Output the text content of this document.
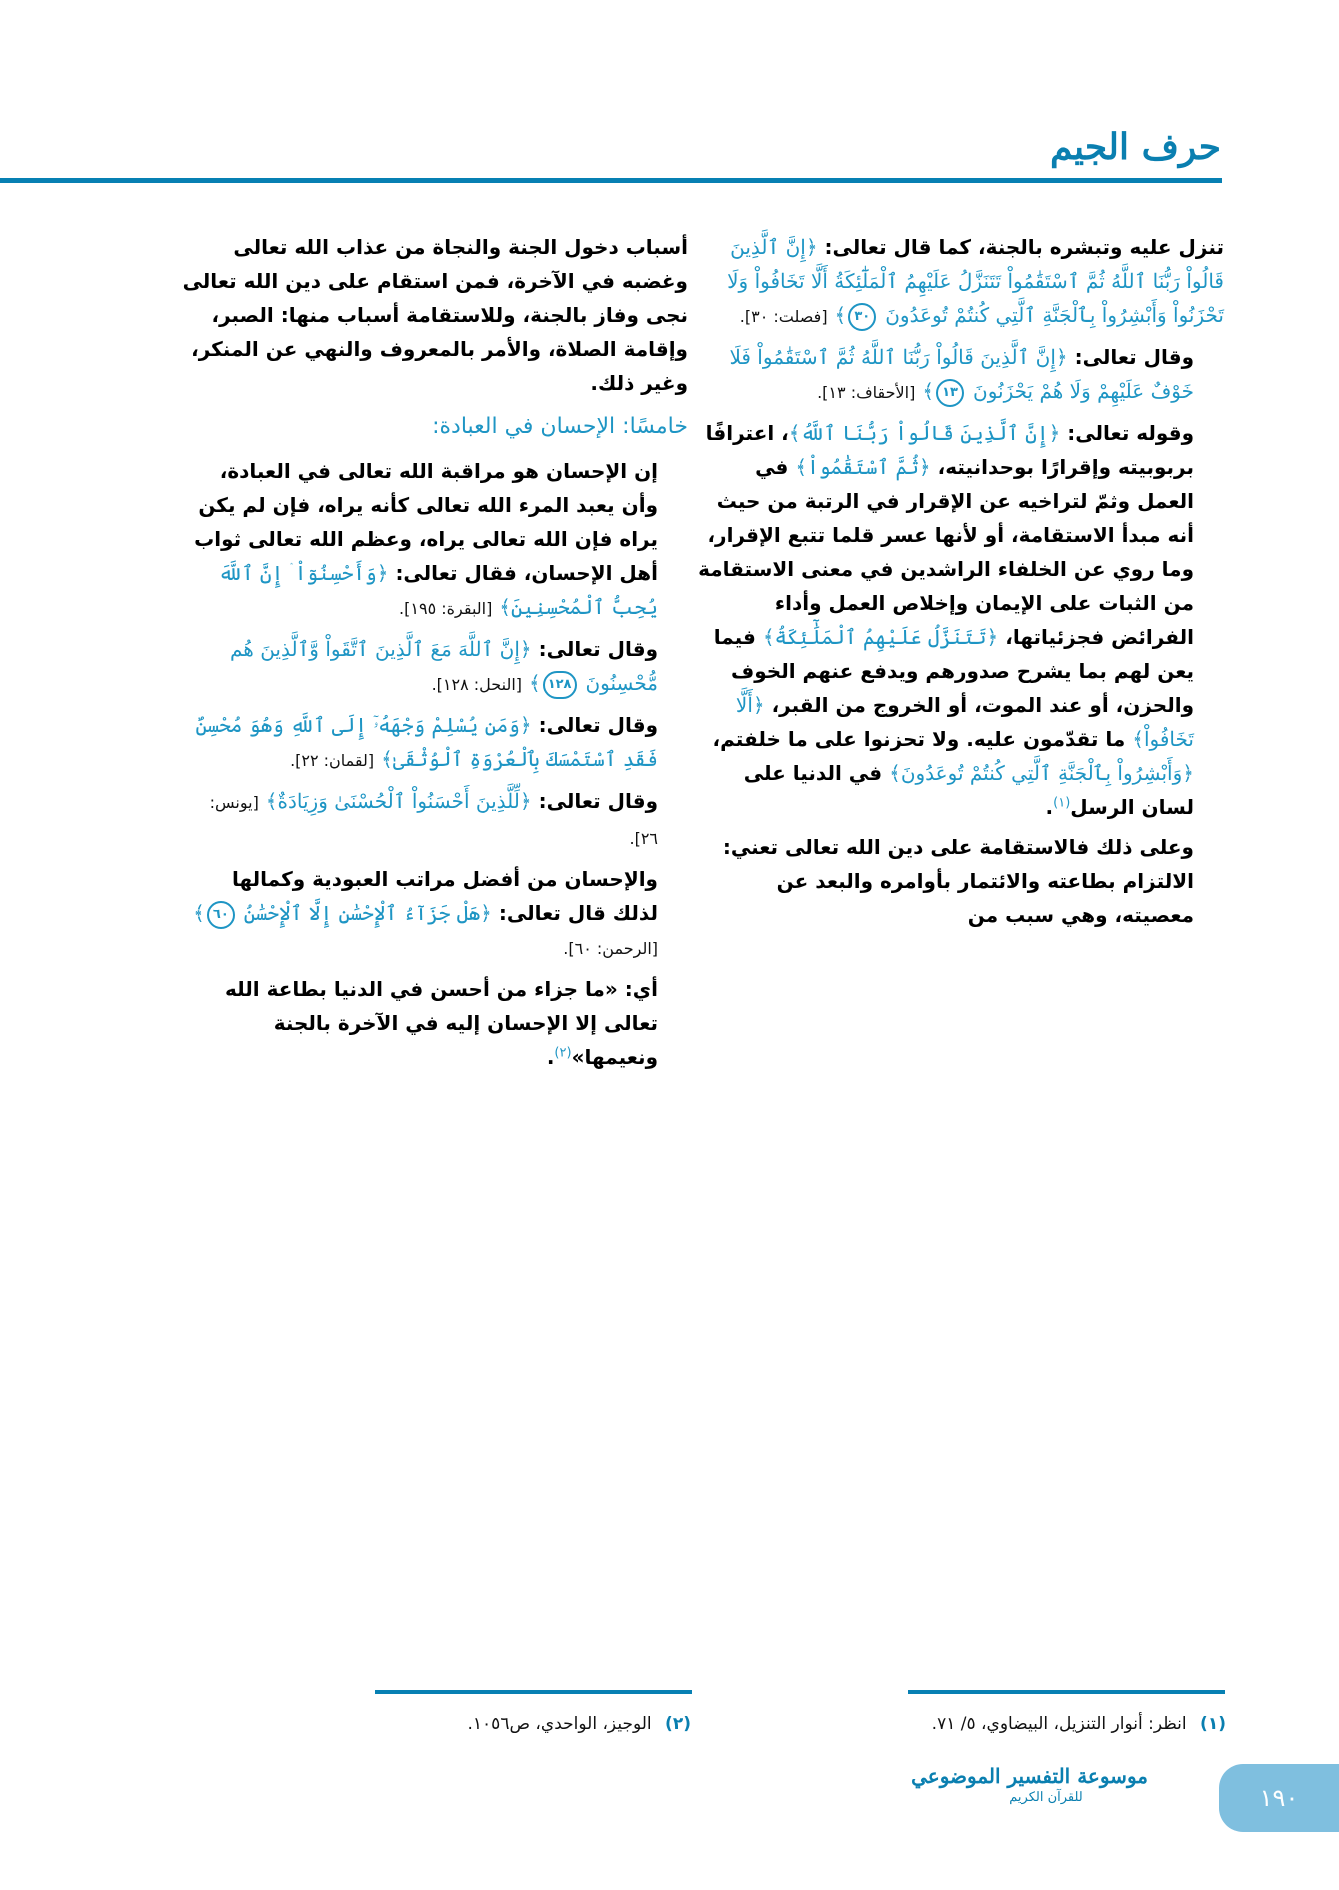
حرف الجيم

تنزل عليه وتبشره بالجنة، كما قال تعالى: ﴿إِنَّ ٱلَّذِينَ قَالُواْ رَبُّنَا ٱللَّهُ ثُمَّ ٱسْتَقَٰمُواْ تَتَنَزَّلُ عَلَيْهِمُ ٱلْمَلَٰٓئِكَةُ أَلَّا تَخَافُواْ وَلَا تَحْزَنُواْ وَأَبْشِرُواْ بِٱلْجَنَّةِ ٱلَّتِي كُنتُمْ تُوعَدُونَ ٣٠﴾ [فصلت: ٣٠].

وقال تعالى: ﴿إِنَّ ٱلَّذِينَ قَالُواْ رَبُّنَا ٱللَّهُ ثُمَّ ٱسْتَقَٰمُواْ فَلَا خَوْفٌ عَلَيْهِمْ وَلَا هُمْ يَحْزَنُونَ ١٣﴾ [الأحقاف: ١٣].

وقوله تعالى: ﴿إِنَّ ٱلَّذِينَ قَالُواْ رَبُّنَا ٱللَّهُ﴾، اعترافًا بربوبيته وإقرارًا بوحدانيته، ﴿ثُمَّ ٱسْتَقَٰمُواْ﴾ في العمل وثمّ لتراخيه عن الإقرار في الرتبة من حيث أنه مبدأ الاستقامة، أو لأنها عسر قلما تتبع الإقرار، وما روي عن الخلفاء الراشدين في معنى الاستقامة من الثبات على الإيمان وإخلاص العمل وأداء الفرائض فجزئياتها، ﴿تَتَنَزَّلُ عَلَيْهِمُ ٱلْمَلَٰٓئِكَةُ﴾ فيما يعن لهم بما يشرح صدورهم ويدفع عنهم الخوف والحزن، أو عند الموت، أو الخروج من القبر، ﴿أَلَّا تَخَافُواْ﴾ ما تقدّمون عليه. ولا تحزنوا على ما خلفتم، ﴿وَأَبْشِرُواْ بِٱلْجَنَّةِ ٱلَّتِي كُنتُمْ تُوعَدُونَ﴾ في الدنيا على لسان الرسل$^{(١)}$.

وعلى ذلك فالاستقامة على دين الله تعالى تعني: الالتزام بطاعته والائتمار بأوامره والبعد عن معصيته، وهي سبب من

أسباب دخول الجنة والنجاة من عذاب الله تعالى وغضبه في الآخرة، فمن استقام على دين الله تعالى نجى وفاز بالجنة، وللاستقامة أسباب منها: الصبر، وإقامة الصلاة، والأمر بالمعروف والنهي عن المنكر، وغير ذلك.

خامسًا: الإحسان في العبادة:

إن الإحسان هو مراقبة الله تعالى في العبادة، وأن يعبد المرء الله تعالى كأنه يراه، فإن لم يكن يراه فإن الله تعالى يراه، وعظم الله تعالى ثواب أهل الإحسان، فقال تعالى: ﴿وَأَحْسِنُوٓاْ ۛ إِنَّ ٱللَّهَ يُحِبُّ ٱلْمُحْسِنِينَ﴾ [البقرة: ١٩٥].

وقال تعالى: ﴿إِنَّ ٱللَّهَ مَعَ ٱلَّذِينَ ٱتَّقَواْ وَّٱلَّذِينَ هُم مُّحْسِنُونَ ١٢٨﴾ [النحل: ١٢٨].

وقال تعالى: ﴿وَمَن يُسْلِمْ وَجْهَهُۥٓ إِلَى ٱللَّهِ وَهُوَ مُحْسِنٌ فَقَدِ ٱسْتَمْسَكَ بِٱلْعُرْوَةِ ٱلْوُثْقَىٰ﴾ [لقمان: ٢٢].

وقال تعالى: ﴿لِّلَّذِينَ أَحْسَنُواْ ٱلْحُسْنَىٰ وَزِيَادَةٌ﴾ [يونس: ٢٦].

والإحسان من أفضل مراتب العبودية وكمالها لذلك قال تعالى: ﴿هَلْ جَزَآءُ ٱلْإِحْسَٰنِ إِلَّا ٱلْإِحْسَٰنُ ٦٠﴾ [الرحمن: ٦٠].

أي: «ما جزاء من أحسن في الدنيا بطاعة الله تعالى إلا الإحسان إليه في الآخرة بالجنة ونعيمها»$^{(٢)}$.

(١) انظر: أنوار التنزيل، البيضاوي، ٥/ ٧١.
(٢) الوجيز، الواحدي، ص١٠٥٦.
موسوعة التفسير الموضوعي
للقرآن الكريم	١٩٠
